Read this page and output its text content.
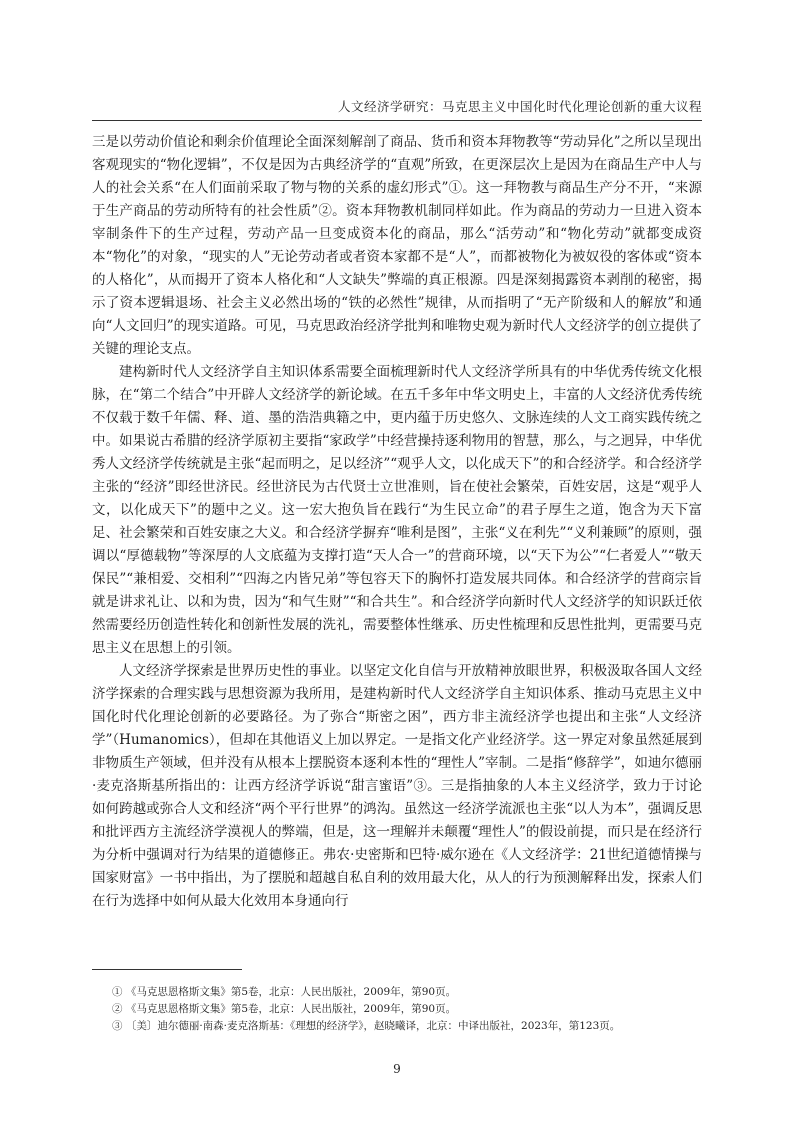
人文经济学研究：马克思主义中国化时代化理论创新的重大议程

三是以劳动价值论和剩余价值理论全面深刻解剖了商品、货币和资本拜物教等“劳动异化”之所以呈现出客观现实的“物化逻辑”，不仅是因为古典经济学的“直观”所致，在更深层次上是因为在商品生产中人与人的社会关系“在人们面前采取了物与物的关系的虚幻形式”①。这一拜物教与商品生产分不开，“来源于生产商品的劳动所特有的社会性质”②。资本拜物教机制同样如此。作为商品的劳动力一旦进入资本宰制条件下的生产过程，劳动产品一旦变成资本化的商品，那么“活劳动”和“物化劳动”就都变成资本“物化”的对象，“现实的人”无论劳动者或者资本家都不是“人”，而都被物化为被奴役的客体或“资本的人格化”，从而揭开了资本人格化和“人文缺失”弊端的真正根源。四是深刻揭露资本剥削的秘密，揭示了资本逻辑退场、社会主义必然出场的“铁的必然性”规律，从而指明了“无产阶级和人的解放”和通向“人文回归”的现实道路。可见，马克思政治经济学批判和唯物史观为新时代人文经济学的创立提供了关键的理论支点。

建构新时代人文经济学自主知识体系需要全面梳理新时代人文经济学所具有的中华优秀传统文化根脉，在“第二个结合”中开辟人文经济学的新论域。在五千多年中华文明史上，丰富的人文经济优秀传统不仅载于数千年儒、释、道、墨的浩浩典籍之中，更内蕴于历史悠久、文脉连续的人文工商实践传统之中。如果说古希腊的经济学原初主要指“家政学”中经营操持逐利物用的智慧，那么，与之迥异，中华优秀人文经济学传统就是主张“起而明之，足以经济”“观乎人文，以化成天下”的和合经济学。和合经济学主张的“经济”即经世济民。经世济民为古代贤士立世准则，旨在使社会繁荣，百姓安居，这是“观乎人文，以化成天下”的题中之义。这一宏大抱负旨在践行“为生民立命”的君子厚生之道，饱含为天下富足、社会繁荣和百姓安康之大义。和合经济学摒弃“唯利是图”，主张“义在利先”“义利兼顾”的原则，强调以“厚德载物”等深厚的人文底蕴为支撑打造“天人合一”的营商环境，以“天下为公”“仁者爱人”“敬天保民”“兼相爱、交相利”“四海之内皆兄弟”等包容天下的胸怀打造发展共同体。和合经济学的营商宗旨就是讲求礼让、以和为贵，因为“和气生财”“和合共生”。和合经济学向新时代人文经济学的知识跃迁依然需要经历创造性转化和创新性发展的洗礼，需要整体性继承、历史性梳理和反思性批判，更需要马克思主义在思想上的引领。

人文经济学探索是世界历史性的事业。以坚定文化自信与开放精神放眼世界，积极汲取各国人文经济学探索的合理实践与思想资源为我所用，是建构新时代人文经济学自主知识体系、推动马克思主义中国化时代化理论创新的必要路径。为了弥合“斯密之困”，西方非主流经济学也提出和主张“人文经济学”（Humanomics），但却在其他语义上加以界定。一是指文化产业经济学。这一界定对象虽然延展到非物质生产领域，但并没有从根本上摆脱资本逐利本性的“理性人”宰制。二是指“修辞学”，如迪尔德丽·麦克洛斯基所指出的：让西方经济学诉说“甜言蜜语”③。三是指抽象的人本主义经济学，致力于讨论如何跨越或弥合人文和经济“两个平行世界”的鸿沟。虽然这一经济学流派也主张“以人为本”，强调反思和批评西方主流经济学漠视人的弊端，但是，这一理解并未颠覆“理性人”的假设前提，而只是在经济行为分析中强调对行为结果的道德修正。弗农·史密斯和巴特·威尔逊在《人文经济学：21世纪道德情操与国家财富》一书中指出，为了摆脱和超越自私自利的效用最大化，从人的行为预测解释出发，探索人们在行为选择中如何从最大化效用本身通向行

① 《马克思恩格斯文集》第5卷，北京：人民出版社，2009年，第90页。
② 《马克思恩格斯文集》第5卷，北京：人民出版社，2009年，第90页。
③ 〔美〕迪尔德丽·南森·麦克洛斯基：《理想的经济学》，赵晓曦译，北京：中译出版社，2023年，第123页。
9
